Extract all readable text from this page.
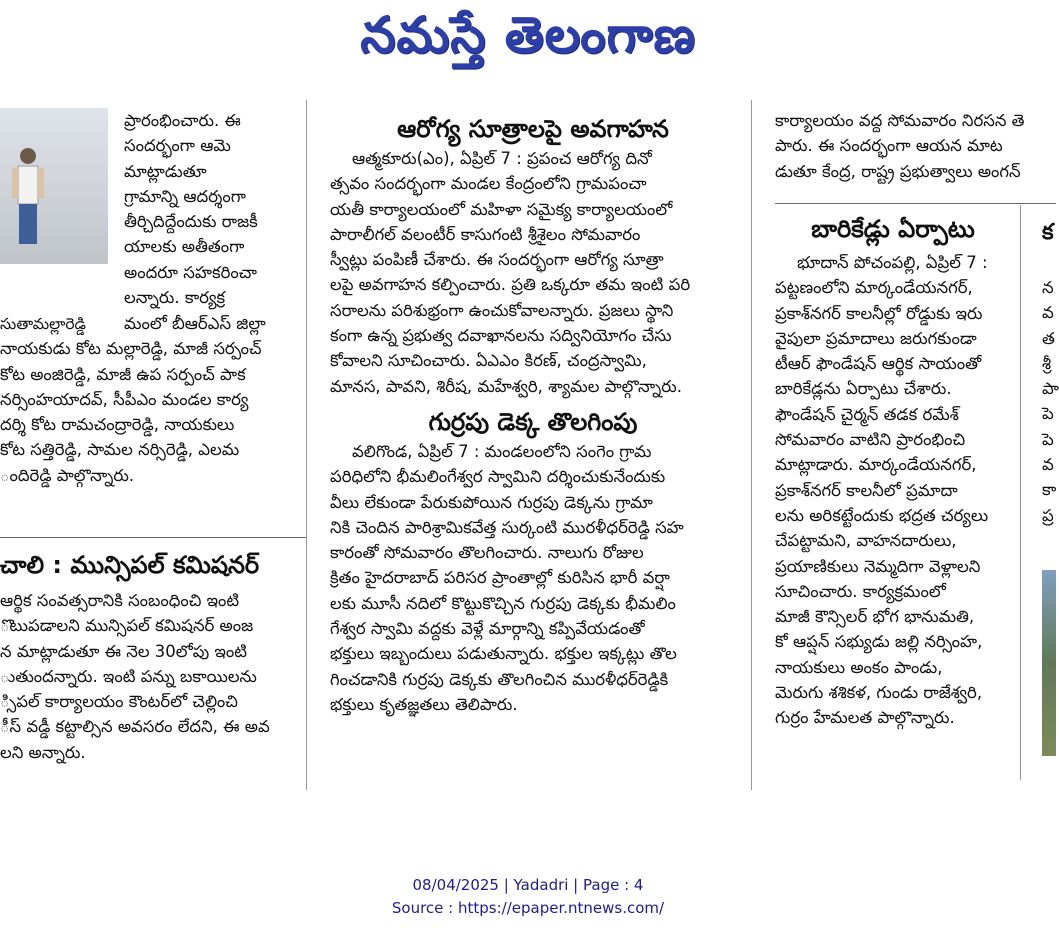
నమస్తే తెలంగాణ

ప్రారంభించారు. ఈ

సందర్భంగా ఆమె

మాట్లాడుతూ

గ్రామాన్ని ఆదర్శంగా

తీర్చిదిద్దేందుకు రాజకీ

యాలకు అతీతంగా

అందరూ సహకరించా

లన్నారు. కార్యక్ర

సుతామల్లారెడ్డి	మంలో బీఆర్‌ఎస్ జిల్లా

నాయకుడు కోట మల్లారెడ్డి, మాజీ సర్పంచ్

కోట అంజిరెడ్డి, మాజీ ఉప సర్పంచ్ పాక

నర్సింహయాదవ్, సీపీఎం మండల కార్య

దర్శి కోట రామచంద్రారెడ్డి, నాయకులు

కోట సత్తిరెడ్డి, సామల నర్సిరెడ్డి, ఎలమ

ందిరెడ్డి పాల్గొన్నారు.

చాలి : మున్సిపల్ కమిషనర్

ఆర్థిక సంవత్సరానికి సంబంధించి ఇంటి

ొటుపడాలని మున్సిపల్ కమిషనర్ అంజ

న మాట్లాడుతూ ఈ నెల 30లోపు ఇంటి

ుతుందన్నారు. ఇంటి పన్ను బకాయిలను

్సిపల్ కార్యాలయం కౌంటర్‌లో చెల్లించి

ీస్ వడ్డీ కట్టాల్సిన అవసరం లేదని, ఈ అవ

లని అన్నారు.

ఆరోగ్య సూత్రాలపై అవగాహన

ఆత్మకూరు(ఎం), ఏప్రిల్ 7 : ప్రపంచ ఆరోగ్య దినో

త్సవం సందర్భంగా మండల కేంద్రంలోని గ్రామపంచా

యతీ కార్యాలయంలో మహిళా సమైక్య కార్యాలయంలో

పారాలీగల్ వలంటీర్ కాసుగంటి శ్రీశైలం సోమవారం

స్వీట్లు పంపిణీ చేశారు. ఈ సందర్భంగా ఆరోగ్య సూత్రా

లపై అవగాహన కల్పించారు. ప్రతి ఒక్కరూ తమ ఇంటి పరి

సరాలను పరిశుభ్రంగా ఉంచుకోవాలన్నారు. ప్రజలు స్థాని

కంగా ఉన్న ప్రభుత్వ దవాఖానలను సద్వినియోగం చేసు

కోవాలని సూచించారు. ఏఎఎం కిరణ్, చంద్రస్వామి,

మానస, పావని, శిరీష, మహేశ్వరి, శ్యామల పాల్గొన్నారు.

గుర్రపు డెక్క తొలగింపు

వలిగొండ, ఏప్రిల్ 7 : మండలంలోని సంగెం గ్రామ

పరిధిలోని భీమలింగేశ్వర స్వామిని దర్శించుకునేందుకు

వీలు లేకుండా పేరుకుపోయిన గుర్రపు డెక్కను గ్రామా

నికి చెందిన పారిశ్రామికవేత్త సుర్కంటి మురళీధర్‌రెడ్డి సహ

కారంతో సోమవారం తొలగించారు. నాలుగు రోజుల

క్రితం హైదరాబాద్ పరిసర ప్రాంతాల్లో కురిసిన భారీ వర్షా

లకు మూసీ నదిలో కొట్టుకొచ్చిన గుర్రపు డెక్కకు భీమలిం

గేశ్వర స్వామి వద్దకు వెళ్లే మార్గాన్ని కప్పివేయడంతో

భక్తులు ఇబ్బందులు పడుతున్నారు. భక్తుల ఇక్కట్లు తొల

గించడానికి గుర్రపు డెక్కకు తొలగించిన మురళీధర్‌రెడ్డికి

భక్తులు కృతజ్ఞతలు తెలిపారు.

కార్యాలయం వద్ద సోమవారం నిరసన తె

పారు. ఈ సందర్భంగా ఆయన మాట

డుతూ కేంద్ర, రాష్ట్ర ప్రభుత్వాలు అంగన్‌

బారికేడ్లు ఏర్పాటు

భూదాన్ పోచంపల్లి, ఏప్రిల్ 7 :

పట్టణంలోని మార్కండేయనగర్,

ప్రకాశ్‌నగర్ కాలనీల్లో రోడ్డుకు ఇరు

వైపులా ప్రమాదాలు జరుగకుండా

టీఆర్ ఫౌండేషన్ ఆర్థిక సాయంతో

బారికేడ్లను ఏర్పాటు చేశారు.

ఫౌండేషన్ చైర్మన్ తడక రమేశ్

సోమవారం వాటిని ప్రారంభించి

మాట్లాడారు. మార్కండేయనగర్,

ప్రకాశ్‌నగర్ కాలనీలో ప్రమాదా

లను అరికట్టేందుకు భద్రత చర్యలు

చేపట్టామని, వాహనదారులు,

ప్రయాణికులు నెమ్మదిగా వెళ్లాలని

సూచించారు. కార్యక్రమంలో

మాజీ కౌన్సిలర్ భోగ భానుమతి,

కో ఆప్షన్ సభ్యుడు జల్లి నర్సింహ,

నాయకులు అంకం పాండు,

మెరుగు శశికళ, గుండు రాజేశ్వరి,

గుర్రం హేమలత పాల్గొన్నారు.

క

న

వ

త

శ్రీ

పా

పె

పె

వ

కా

ప్ర

08/04/2025 | Yadadri | Page : 4
Source : https://epaper.ntnews.com/
